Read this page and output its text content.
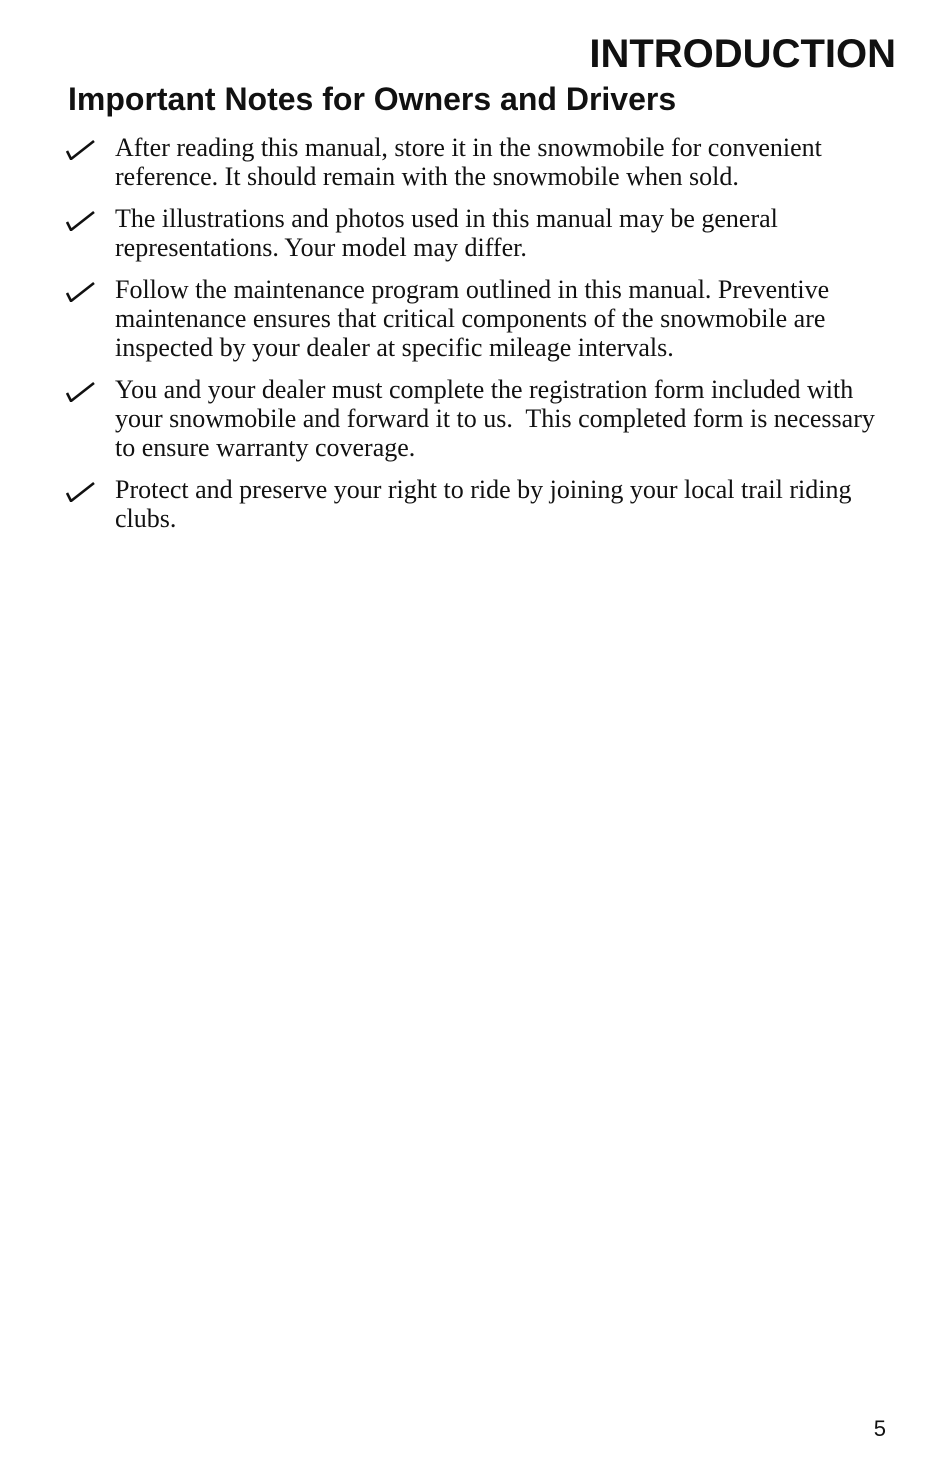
INTRODUCTION
Important Notes for Owners and Drivers
After reading this manual, store it in the snowmobile for convenient reference. It should remain with the snowmobile when sold.
The illustrations and photos used in this manual may be general representations. Your model may differ.
Follow the maintenance program outlined in this manual. Preventive maintenance ensures that critical components of the snowmobile are inspected by your dealer at specific mileage intervals.
You and your dealer must complete the registration form included with your snowmobile and forward it to us.  This completed form is necessary to ensure warranty coverage.
Protect and preserve your right to ride by joining your local trail riding clubs.
5
